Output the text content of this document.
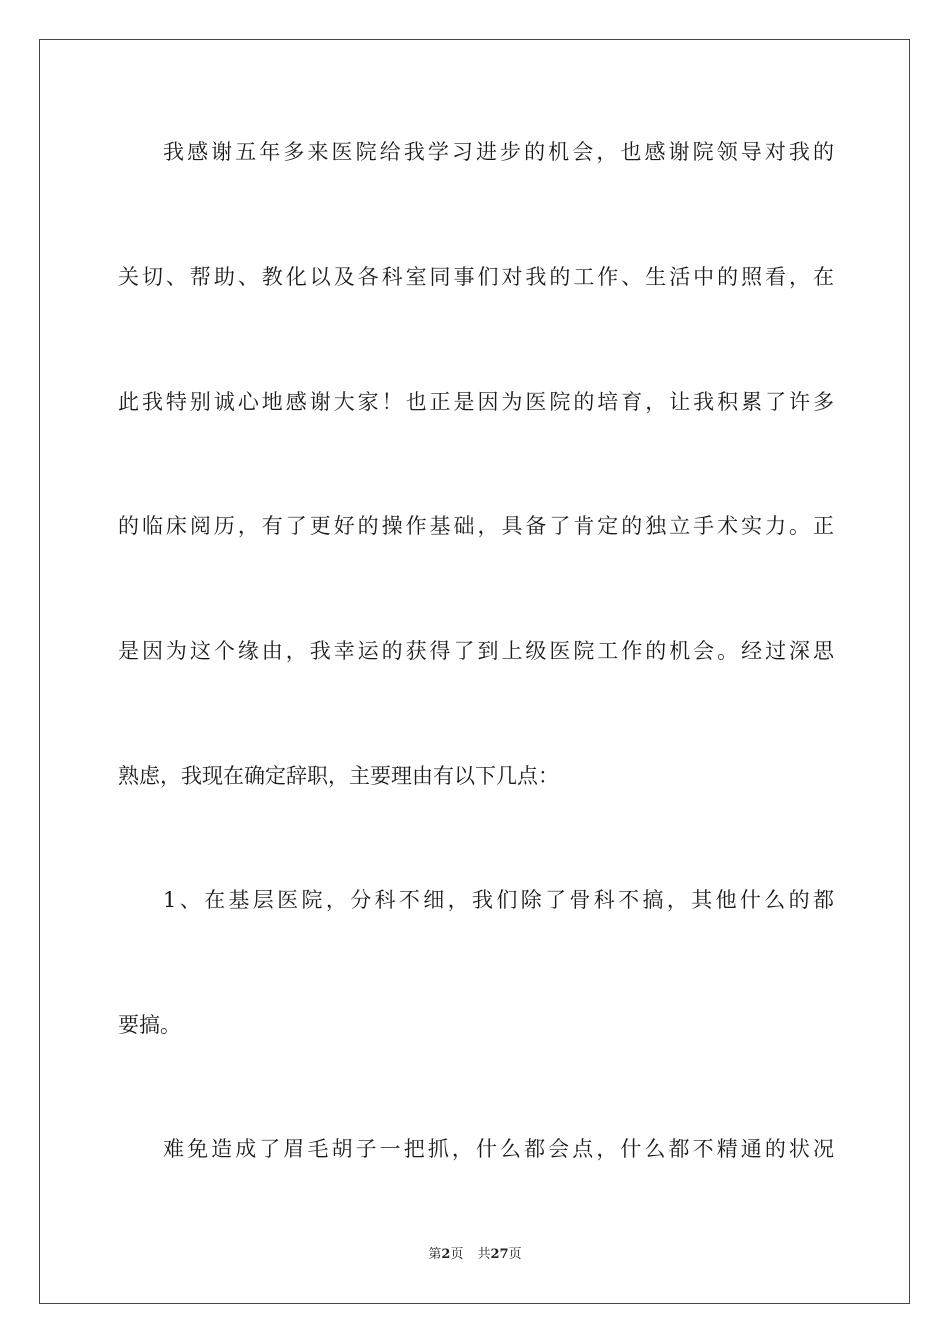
我感谢五年多来医院给我学习进步的机会，也感谢院领导对我的
关切、帮助、教化以及各科室同事们对我的工作、生活中的照看，在
此我特别诚心地感谢大家！也正是因为医院的培育，让我积累了许多
的临床阅历，有了更好的操作基础，具备了肯定的独立手术实力。正
是因为这个缘由，我幸运的获得了到上级医院工作的机会。经过深思
熟虑，我现在确定辞职，主要理由有以下几点：
1、在基层医院，分科不细，我们除了骨科不搞，其他什么的都
要搞。
难免造成了眉毛胡子一把抓，什么都会点，什么都不精通的状况
第2页 共27页
